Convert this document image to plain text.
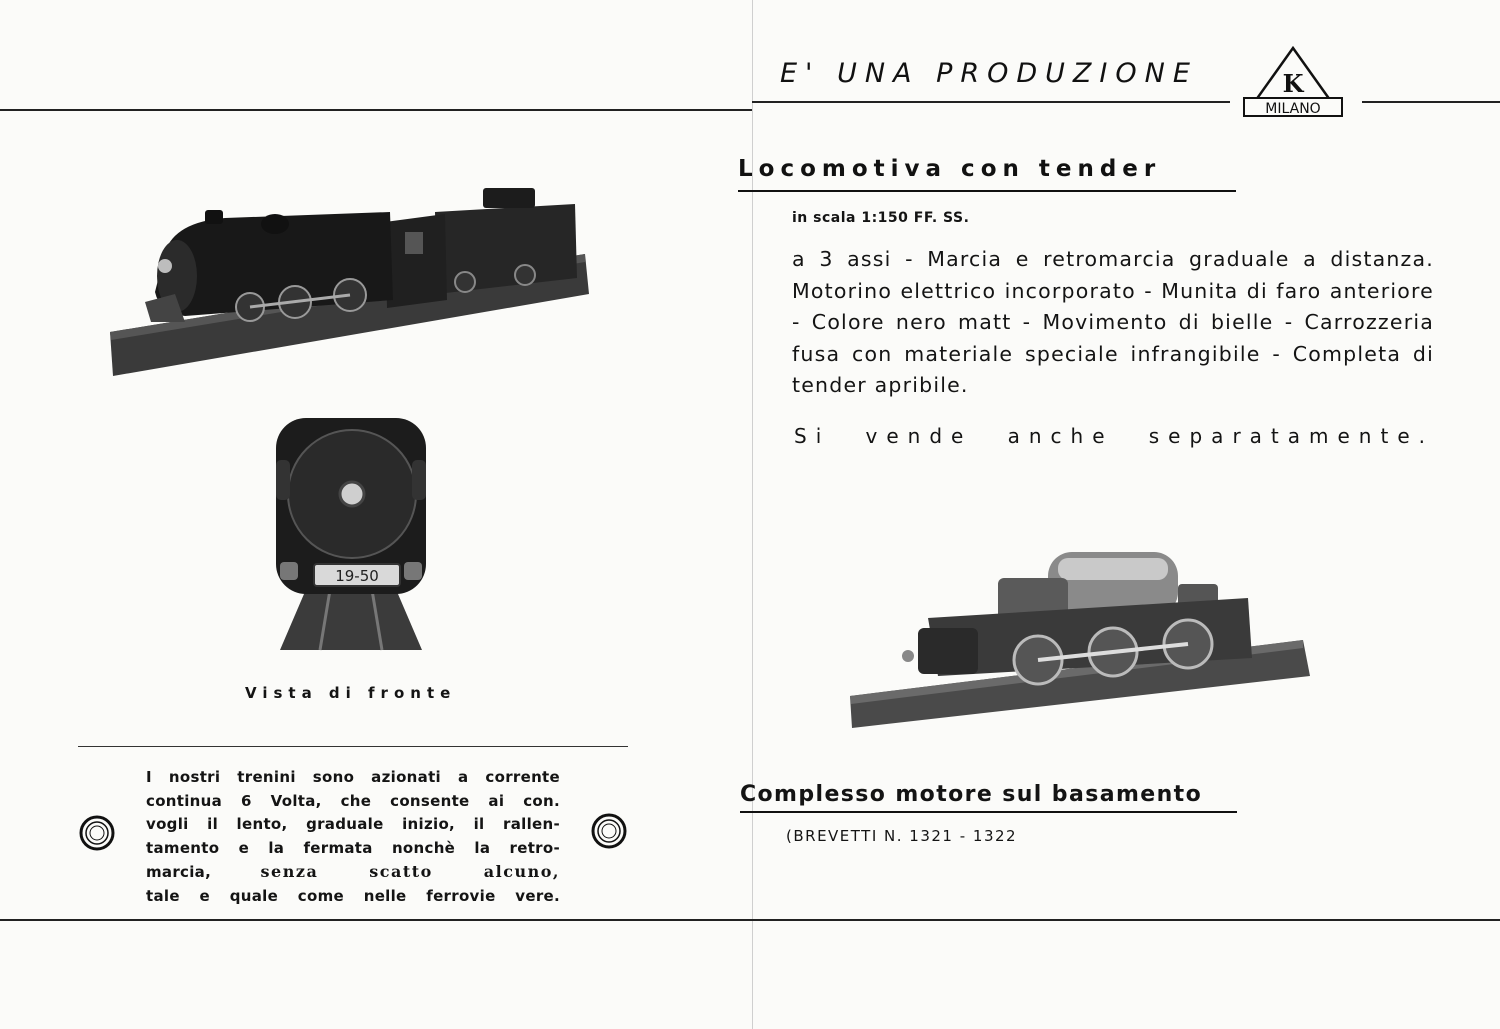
E' UNA PRODUZIONE	K
MILANO
Locomotiva con tender
in scala 1:150 FF. SS.
a 3 assi - Marcia e retromarcia graduale a distanza. Motorino elettrico incorporato - Munita di faro anteriore - Colore nero matt - Movimento di bielle - Carrozzeria fusa con materiale speciale infrangibile - Completa di tender apribile.
Si vende anche separatamente.
19-50
Vista di fronte
I nostri trenini sono azionati a corrente
continua 6 Volta, che consente ai con.
vogli il lento, graduale inizio, il rallen-
tamento e la fermata nonchè la retro-
marcia,	senza scatto alcuno,
tale e quale come nelle ferrovie vere.
Complesso motore sul basamento
(BREVETTI N. 1321 - 1322
